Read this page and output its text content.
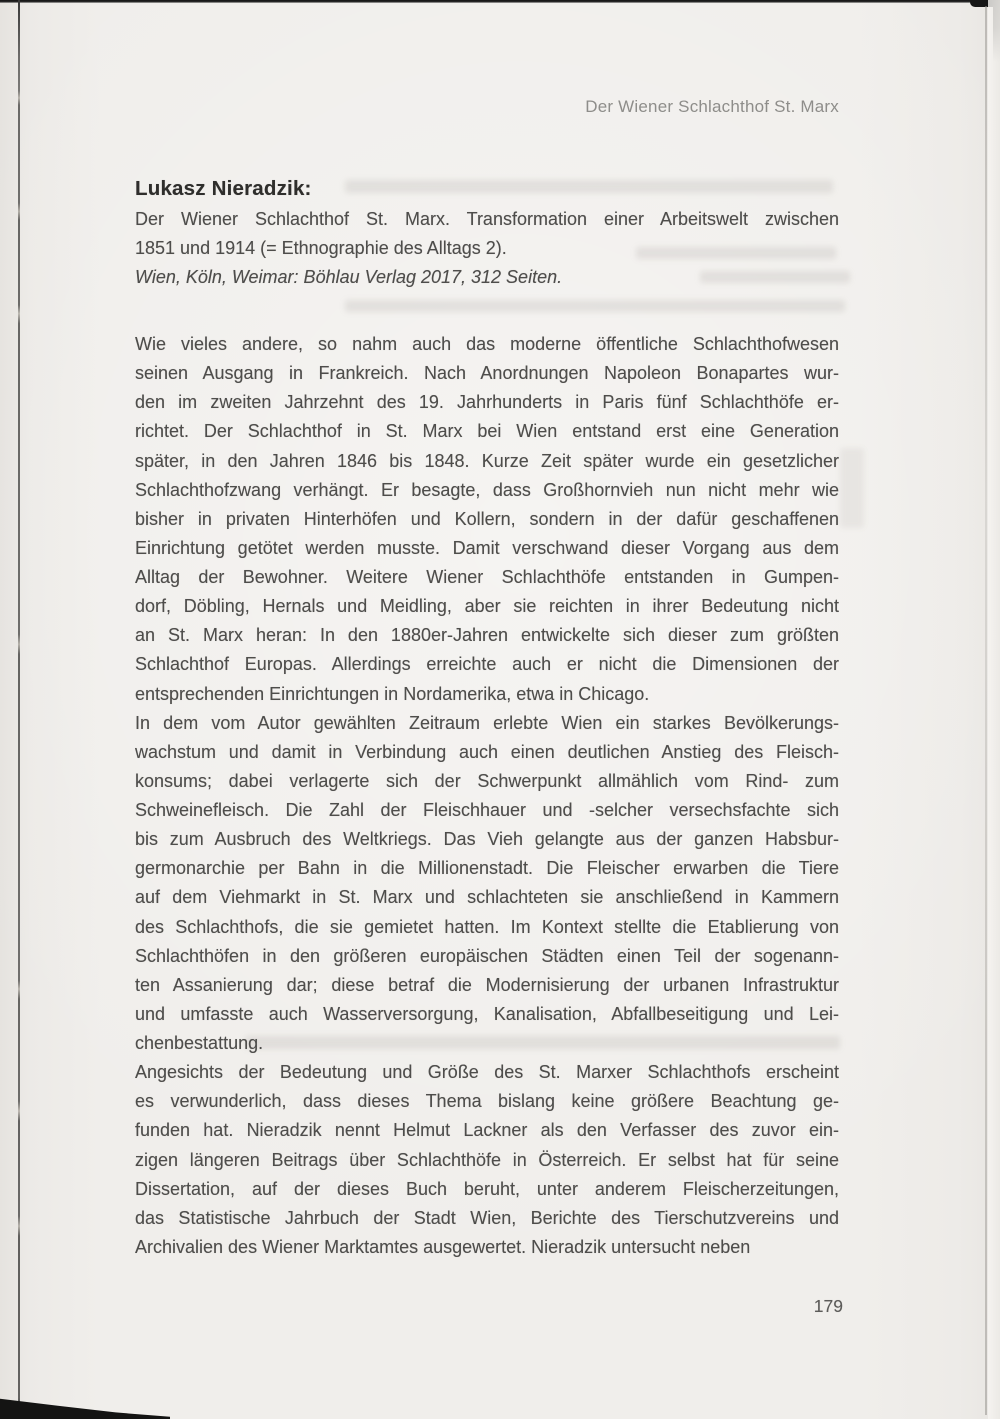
Der Wiener Schlachthof St. Marx
Lukasz Nieradzik:
Der Wiener Schlachthof St. Marx. Transformation einer Arbeitswelt zwischen
1851 und 1914 (= Ethnographie des Alltags 2).
Wien, Köln, Weimar: Böhlau Verlag 2017, 312 Seiten.
Wie vieles andere, so nahm auch das moderne öffentliche Schlachthofwesen
seinen Ausgang in Frankreich. Nach Anordnungen Napoleon Bonapartes wur-
den im zweiten Jahrzehnt des 19. Jahrhunderts in Paris fünf Schlachthöfe er-
richtet. Der Schlachthof in St. Marx bei Wien entstand erst eine Generation
später, in den Jahren 1846 bis 1848. Kurze Zeit später wurde ein gesetzlicher
Schlachthofzwang verhängt. Er besagte, dass Großhornvieh nun nicht mehr wie
bisher in privaten Hinterhöfen und Kollern, sondern in der dafür geschaffenen
Einrichtung getötet werden musste. Damit verschwand dieser Vorgang aus dem
Alltag der Bewohner. Weitere Wiener Schlachthöfe entstanden in Gumpen-
dorf, Döbling, Hernals und Meidling, aber sie reichten in ihrer Bedeutung nicht
an St. Marx heran: In den 1880er-Jahren entwickelte sich dieser zum größten
Schlachthof Europas. Allerdings erreichte auch er nicht die Dimensionen der
entsprechenden Einrichtungen in Nordamerika, etwa in Chicago.
In dem vom Autor gewählten Zeitraum erlebte Wien ein starkes Bevölkerungs-
wachstum und damit in Verbindung auch einen deutlichen Anstieg des Fleisch-
konsums; dabei verlagerte sich der Schwerpunkt allmählich vom Rind- zum
Schweinefleisch. Die Zahl der Fleischhauer und -selcher versechsfachte sich
bis zum Ausbruch des Weltkriegs. Das Vieh gelangte aus der ganzen Habsbur-
germonarchie per Bahn in die Millionenstadt. Die Fleischer erwarben die Tiere
auf dem Viehmarkt in St. Marx und schlachteten sie anschließend in Kammern
des Schlachthofs, die sie gemietet hatten. Im Kontext stellte die Etablierung von
Schlachthöfen in den größeren europäischen Städten einen Teil der sogenann-
ten Assanierung dar; diese betraf die Modernisierung der urbanen Infrastruktur
und umfasste auch Wasserversorgung, Kanalisation, Abfallbeseitigung und Lei-
chenbestattung.
Angesichts der Bedeutung und Größe des St. Marxer Schlachthofs erscheint
es verwunderlich, dass dieses Thema bislang keine größere Beachtung ge-
funden hat. Nieradzik nennt Helmut Lackner als den Verfasser des zuvor ein-
zigen längeren Beitrags über Schlachthöfe in Österreich. Er selbst hat für seine
Dissertation, auf der dieses Buch beruht, unter anderem Fleischerzeitungen,
das Statistische Jahrbuch der Stadt Wien, Berichte des Tierschutzvereins und
Archivalien des Wiener Marktamtes ausgewertet. Nieradzik untersucht neben
179
